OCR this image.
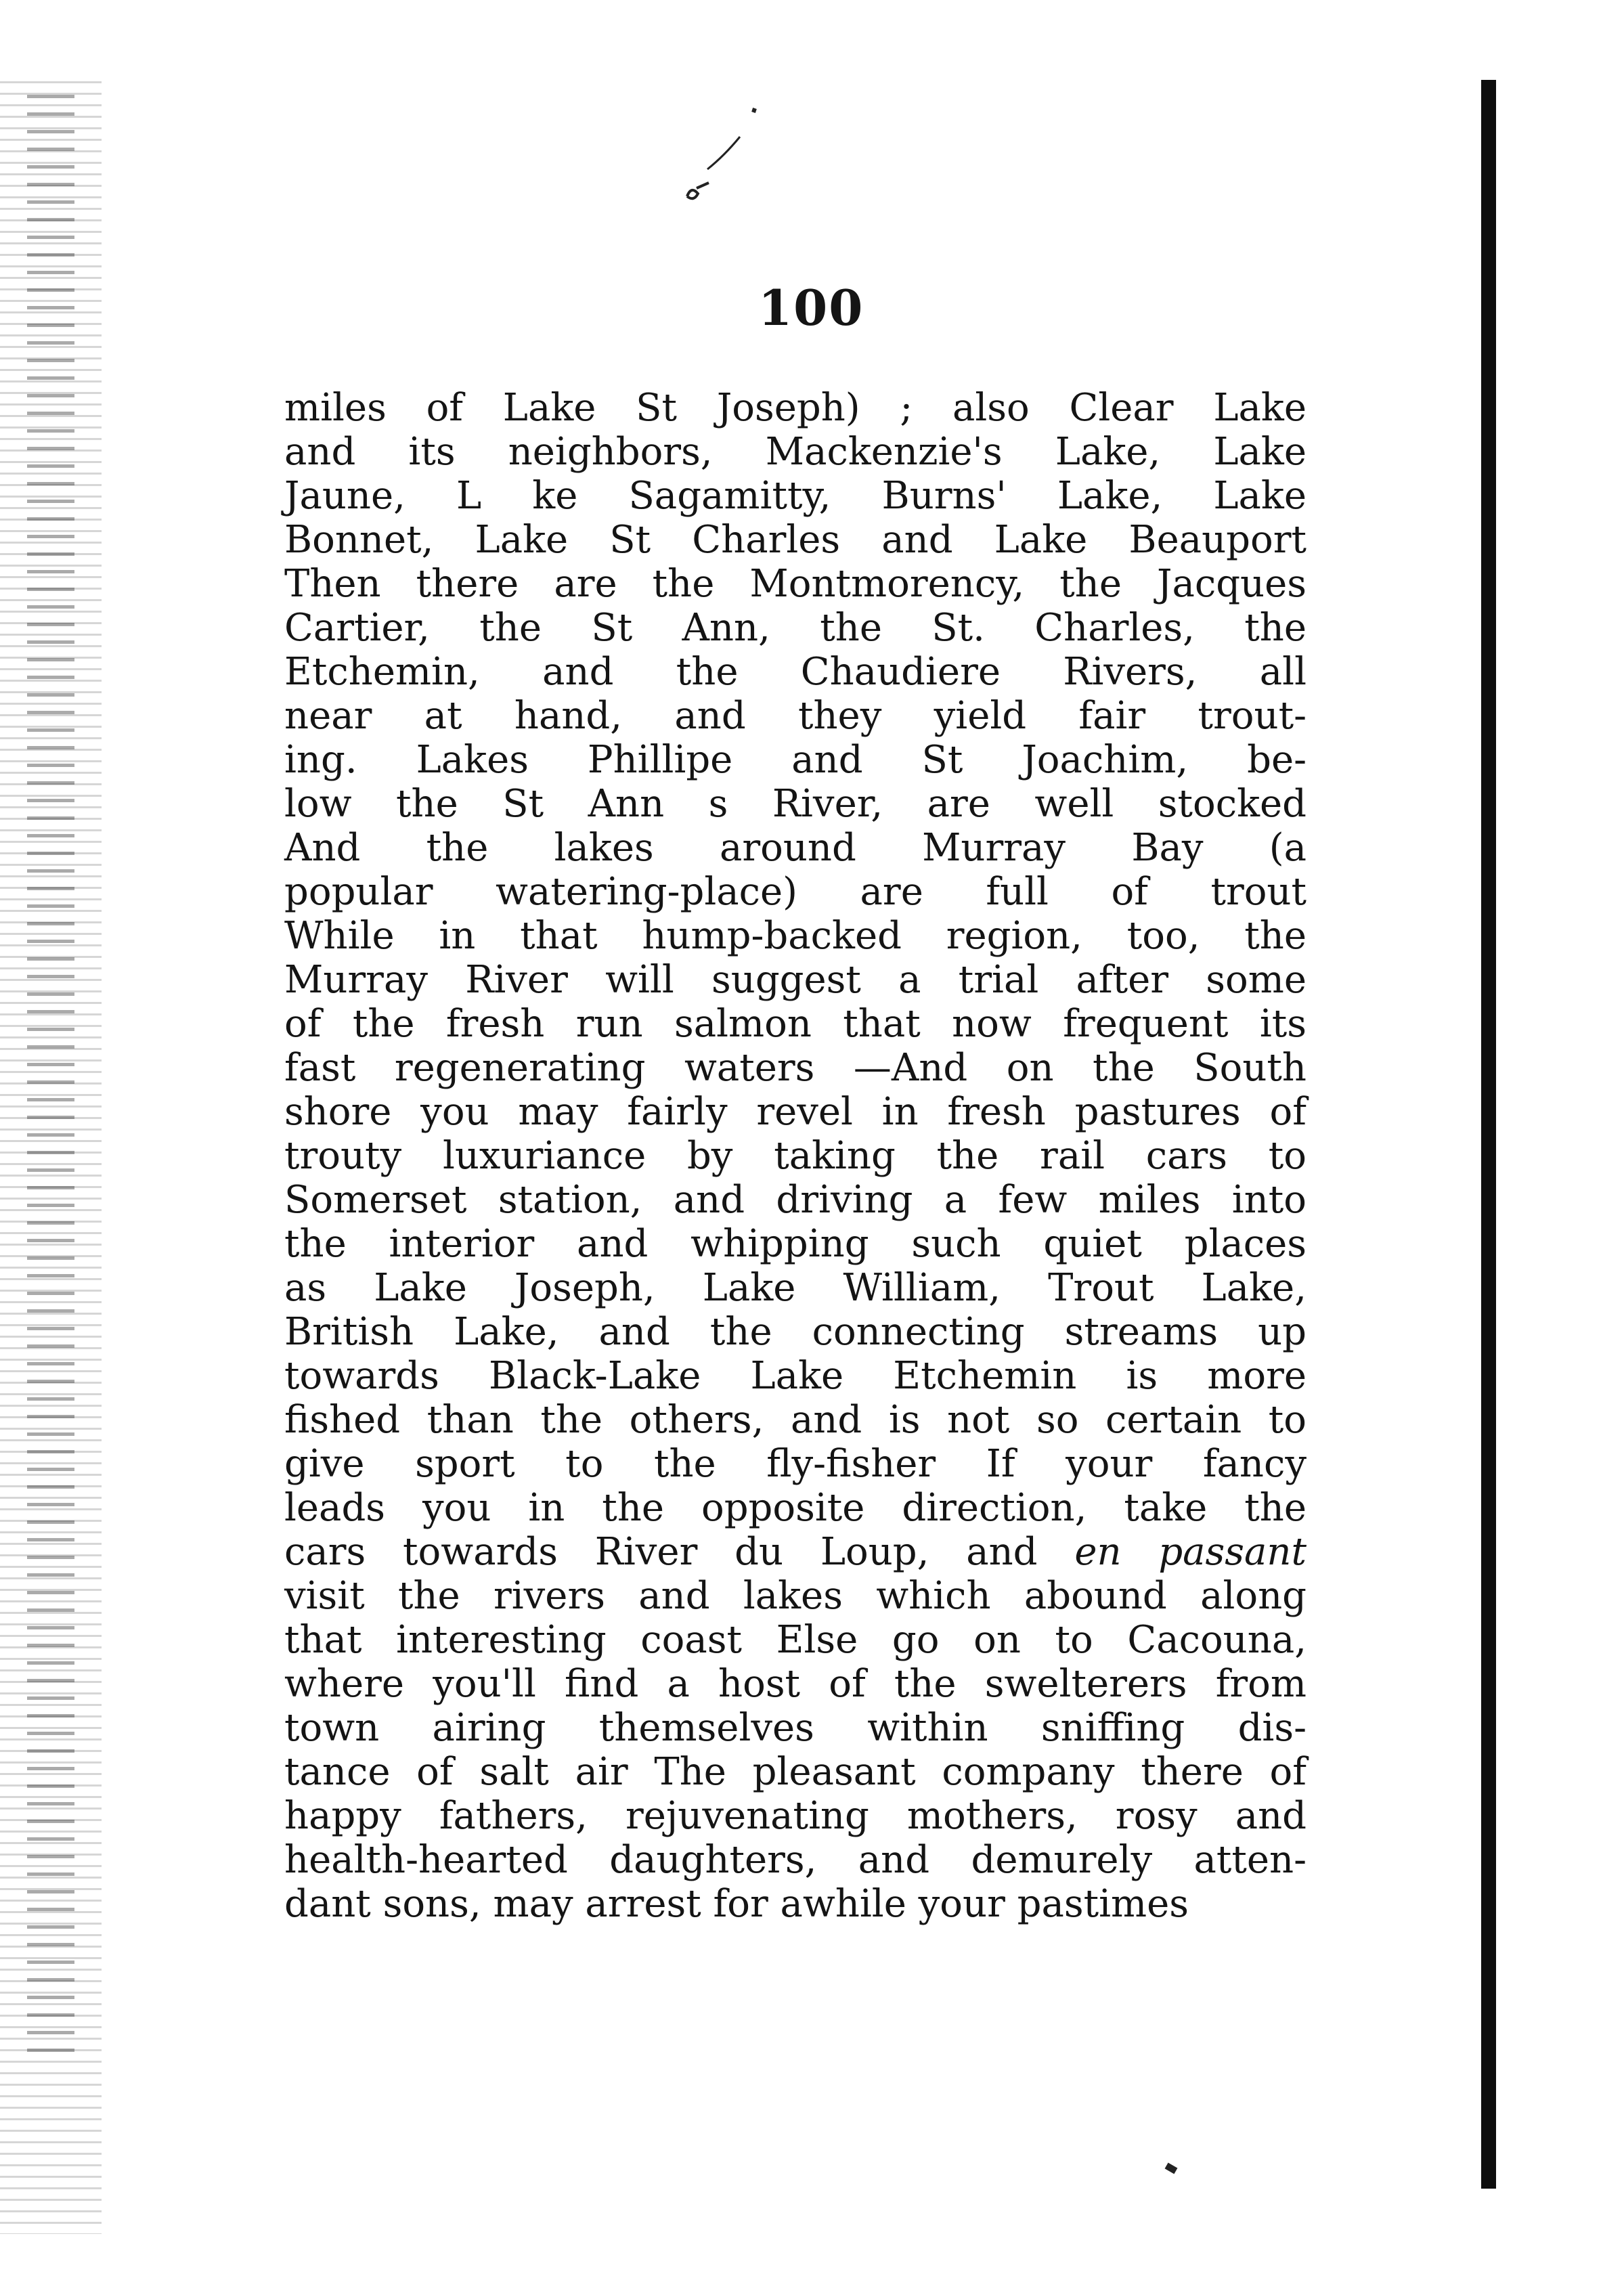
100
miles of Lake St Joseph) ; also Clear Lake
and its neighbors, Mackenzie's Lake, Lake
Jaune, L ke Sagamitty, Burns' Lake, Lake
Bonnet, Lake St Charles and Lake Beauport
Then there are the Montmorency, the Jacques
Cartier, the St Ann, the St. Charles, the
Etchemin, and the Chaudiere Rivers, all
near at hand, and they yield fair trout-
ing. Lakes Phillipe and St Joachim, be-
low the St Ann s River, are well stocked
And the lakes around Murray Bay (a
popular watering-place) are full of trout
While in that hump-backed region, too, the
Murray River will suggest a trial after some
of the fresh run salmon that now frequent its
fast regenerating waters —And on the South
shore you may fairly revel in fresh pastures of
trouty luxuriance by taking the rail cars to
Somerset station, and driving a few miles into
the interior and whipping such quiet places
as Lake Joseph, Lake William, Trout Lake,
British Lake, and the connecting streams up
towards Black-Lake Lake Etchemin is more
fished than the others, and is not so certain to
give sport to the fly-fisher If your fancy
leads you in the opposite direction, take the
cars towards River du Loup, and en passant
visit the rivers and lakes which abound along
that interesting coast Else go on to Cacouna,
where you'll find a host of the swelterers from
town airing themselves within sniffing dis-
tance of salt air The pleasant company there of
happy fathers, rejuvenating mothers, rosy and
health-hearted daughters, and demurely atten-
dant sons, may arrest for awhile your pastimes
